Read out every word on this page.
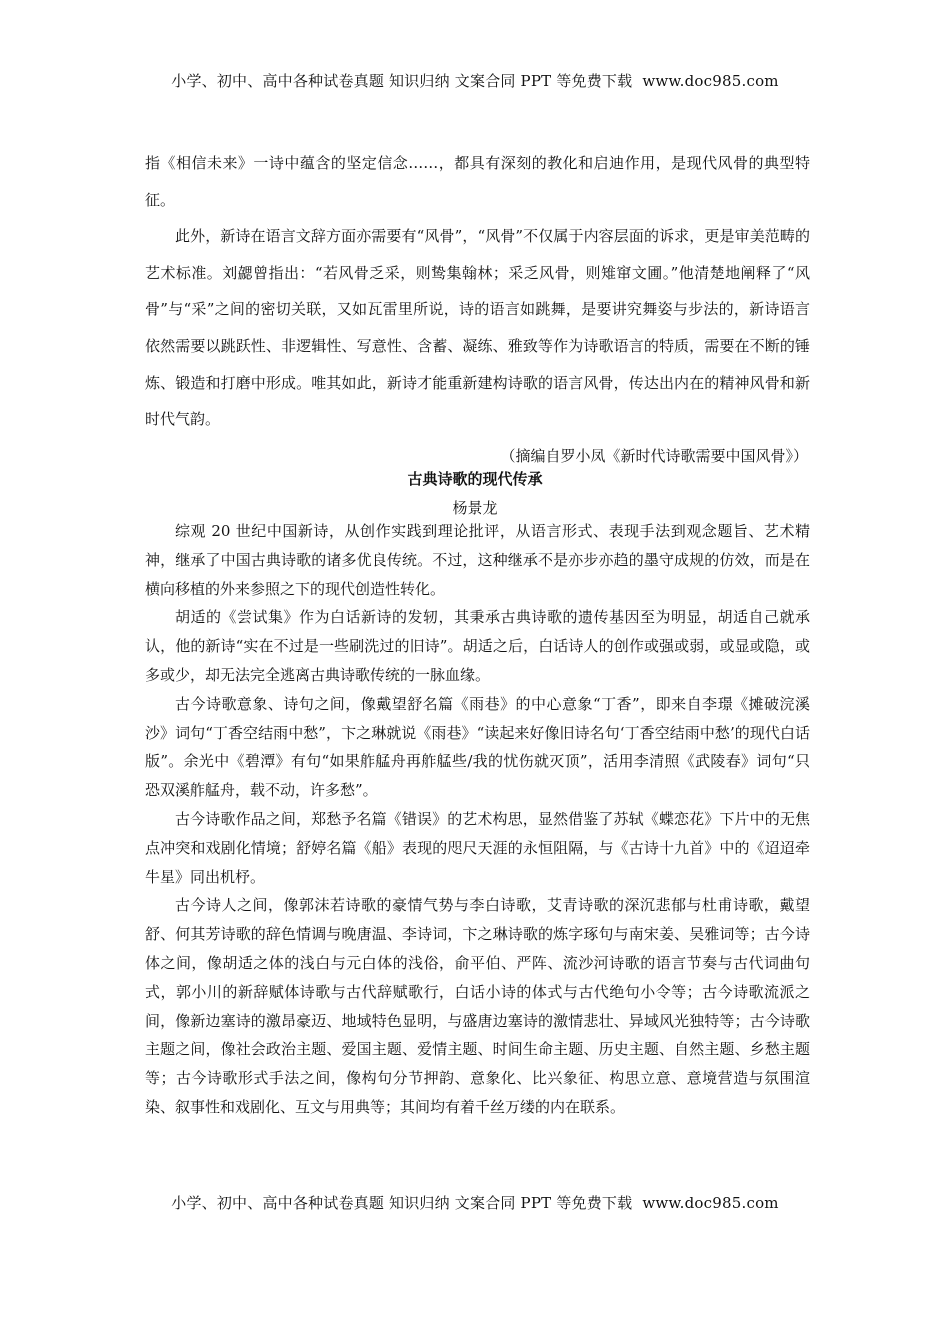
小学、初中、高中各种试卷真题 知识归纳 文案合同 PPT 等免费下载 www.doc985.com

指《相信未来》一诗中蕴含的坚定信念……，都具有深刻的教化和启迪作用，是现代风骨的典型特征。

此外，新诗在语言文辞方面亦需要有“风骨”，“风骨”不仅属于内容层面的诉求，更是审美范畴的艺术标准。刘勰曾指出：“若风骨乏采，则鸷集翰林；采乏风骨，则雉窜文圃。”他清楚地阐释了“风骨”与“采”之间的密切关联，又如瓦雷里所说，诗的语言如跳舞，是要讲究舞姿与步法的，新诗语言依然需要以跳跃性、非逻辑性、写意性、含蓄、凝练、雅致等作为诗歌语言的特质，需要在不断的锤炼、锻造和打磨中形成。唯其如此，新诗才能重新建构诗歌的语言风骨，传达出内在的精神风骨和新时代气韵。

（摘编自罗小凤《新时代诗歌需要中国风骨》）

古典诗歌的现代传承
杨景龙

综观 20 世纪中国新诗，从创作实践到理论批评，从语言形式、表现手法到观念题旨、艺术精神，继承了中国古典诗歌的诸多优良传统。不过，这种继承不是亦步亦趋的墨守成规的仿效，而是在横向移植的外来参照之下的现代创造性转化。

胡适的《尝试集》作为白话新诗的发轫，其秉承古典诗歌的遗传基因至为明显，胡适自己就承认，他的新诗“实在不过是一些刷洗过的旧诗”。胡适之后，白话诗人的创作或强或弱，或显或隐，或多或少，却无法完全逃离古典诗歌传统的一脉血缘。

古今诗歌意象、诗句之间，像戴望舒名篇《雨巷》的中心意象“丁香”，即来自李璟《摊破浣溪沙》词句“丁香空结雨中愁”，卞之琳就说《雨巷》“读起来好像旧诗名句‘丁香空结雨中愁’的现代白话版”。余光中《碧潭》有句“如果舴艋舟再舴艋些/我的忧伤就灭顶”，活用李清照《武陵春》词句“只恐双溪舴艋舟，载不动，许多愁”。

古今诗歌作品之间，郑愁予名篇《错误》的艺术构思，显然借鉴了苏轼《蝶恋花》下片中的无焦点冲突和戏剧化情境；舒婷名篇《船》表现的咫尺天涯的永恒阻隔，与《古诗十九首》中的《迢迢牵牛星》同出机杼。

古今诗人之间，像郭沫若诗歌的豪情气势与李白诗歌，艾青诗歌的深沉悲郁与杜甫诗歌，戴望舒、何其芳诗歌的辞色情调与晚唐温、李诗词，卞之琳诗歌的炼字琢句与南宋姜、吴雅词等；古今诗体之间，像胡适之体的浅白与元白体的浅俗，俞平伯、严阵、流沙河诗歌的语言节奏与古代词曲句式，郭小川的新辞赋体诗歌与古代辞赋歌行，白话小诗的体式与古代绝句小令等；古今诗歌流派之间，像新边塞诗的激昂豪迈、地域特色显明，与盛唐边塞诗的激情悲壮、异域风光独特等；古今诗歌主题之间，像社会政治主题、爱国主题、爱情主题、时间生命主题、历史主题、自然主题、乡愁主题等；古今诗歌形式手法之间，像构句分节押韵、意象化、比兴象征、构思立意、意境营造与氛围渲染、叙事性和戏剧化、互文与用典等；其间均有着千丝万缕的内在联系。

小学、初中、高中各种试卷真题 知识归纳 文案合同 PPT 等免费下载 www.doc985.com
